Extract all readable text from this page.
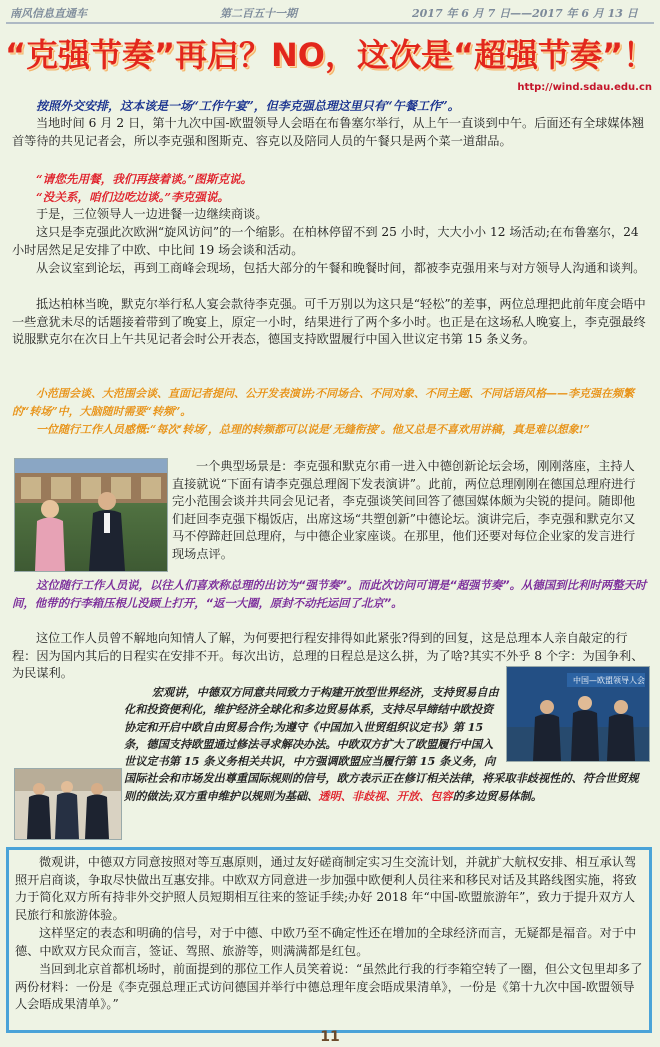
南风信息直通车	第二百五十一期	2017 年 6 月 7 日——2017 年 6 月 13 日
“克强节奏”再启？NO，这次是“超强节奏”！
http://wind.sdau.edu.cn
按照外交安排，这本该是一场“工作午宴”，但李克强总理这里只有“午餐工作”。

当地时间 6 月 2 日，第十九次中国-欧盟领导人会晤在布鲁塞尔举行，从上午一直谈到中午。后面还有全球媒体翘首等待的共见记者会，所以李克强和图斯克、容克以及陪同人员的午餐只是两个菜一道甜品。

“请您先用餐，我们再接着谈。”图斯克说。
“没关系，咱们边吃边谈。”李克强说。

于是，三位领导人一边进餐一边继续商谈。

这只是李克强此次欧洲“旋风访问”的一个缩影。在柏林停留不到 25 小时，大大小小 12 场活动;在布鲁塞尔，24 小时居然足足安排了中欧、中比间 19 场会谈和活动。

从会议室到论坛，再到工商峰会现场，包括大部分的午餐和晚餐时间，都被李克强用来与对方领导人沟通和谈判。

抵达柏林当晚，默克尔举行私人宴会款待李克强。可千万别以为这只是“轻松”的差事，两位总理把此前年度会晤中一些意犹未尽的话题接着带到了晚宴上，原定一小时，结果进行了两个多小时。也正是在这场私人晚宴上，李克强最终说服默克尔在次日上午共见记者会时公开表态，德国支持欧盟履行中国入世议定书第 15 条义务。

小范围会谈、大范围会谈、直面记者提问、公开发表演讲;不同场合、不同对象、不同主题、不同话语风格——李克强在频繁的“转场”中，大脑随时需要“转频”。

一位随行工作人员感慨:“每次‘转场’，总理的转频都可以说是‘无缝衔接’。他又总是不喜欢用讲稿，真是难以想象!”

一个典型场景是：李克强和默克尔甫一进入中德创新论坛会场，刚刚落座，主持人直接就说“下面有请李克强总理阁下发表演讲”。此前，两位总理刚刚在德国总理府进行完小范围会谈并共同会见记者，李克强谈笑间回答了德国媒体颇为尖锐的提问。随即他们赶回李克强下榻饭店，出席这场“共塑创新”中德论坛。演讲完后，李克强和默克尔又马不停蹄赶回总理府，与中德企业家座谈。在那里，他们还要对每位企业家的发言进行现场点评。

这位随行工作人员说，以往人们喜欢称总理的出访为“强节奏”。而此次访问可谓是“超强节奏”。从德国到比利时两整天时间，他带的行李箱压根儿没顾上打开，“返一大圈，原封不动托运回了北京”。

这位工作人员曾不解地向知情人了解，为何要把行程安排得如此紧张?得到的回复，这是总理本人亲自敲定的行程：因为国内其后的日程实在安排不开。每次出访，总理的日程总是这么拼，为了啥?其实不外乎 8 个字：为国争利、为民谋利。

中国—欧盟领导人会

宏观讲，中德双方同意共同致力于构建开放型世界经济，支持贸易自由化和投资便利化，维护经济全球化和多边贸易体系，支持尽早缔结中欧投资协定和开启中欧自由贸易合作;为遵守《中国加入世贸组织议定书》第 15 条，德国支持欧盟通过修法寻求解决办法。中欧双方扩大了欧盟履行中国入世议定书第 15 条义务相关共识，中方强调欧盟应当履行第 15 条义务，向国际社会和市场发出尊重国际规则的信号，欧方表示正在修订相关法律，将采取非歧视性的、符合世贸规则的做法;双方重申维护以规则为基础、透明、非歧视、开放、包容的多边贸易体制。

微观讲，中德双方同意按照对等互惠原则，通过友好磋商制定实习生交流计划，并就扩大航权安排、相互承认驾照开启商谈，争取尽快做出互惠安排。中欧双方同意进一步加强中欧便利人员往来和移民对话及其路线图实施，将致力于简化双方所有持非外交护照人员短期相互往来的签证手续;办好 2018 年“中国-欧盟旅游年”，致力于提升双方人民旅行和旅游体验。

这样坚定的表态和明确的信号，对于中德、中欧乃至不确定性还在增加的全球经济而言，无疑都是福音。对于中德、中欧双方民众而言，签证、驾照、旅游等，则满满都是红包。

当回到北京首都机场时，前面提到的那位工作人员笑着说：“虽然此行我的行李箱空转了一圈，但公文包里却多了两份材料：一份是《李克强总理正式访问德国并举行中德总理年度会晤成果清单》，一份是《第十九次中国-欧盟领导人会晤成果清单》。”

11
